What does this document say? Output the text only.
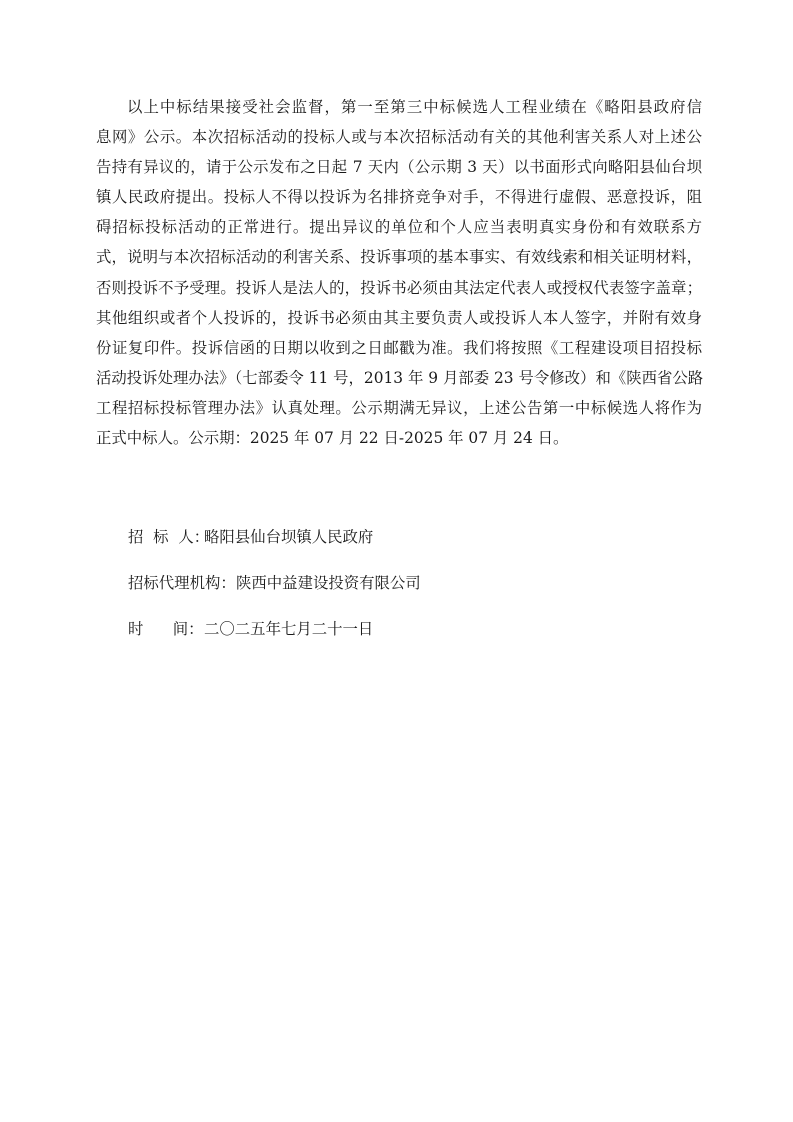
以上中标结果接受社会监督，第一至第三中标候选人工程业绩在《略阳县政府信
息网》公示。本次招标活动的投标人或与本次招标活动有关的其他利害关系人对上述公
告持有异议的，请于公示发布之日起 7 天内（公示期 3 天）以书面形式向略阳县仙台坝
镇人民政府提出。投标人不得以投诉为名排挤竞争对手，不得进行虚假、恶意投诉，阻
碍招标投标活动的正常进行。提出异议的单位和个人应当表明真实身份和有效联系方
式，说明与本次招标活动的利害关系、投诉事项的基本事实、有效线索和相关证明材料，
否则投诉不予受理。投诉人是法人的，投诉书必须由其法定代表人或授权代表签字盖章；
其他组织或者个人投诉的，投诉书必须由其主要负责人或投诉人本人签字，并附有效身
份证复印件。投诉信函的日期以收到之日邮戳为准。我们将按照《工程建设项目招投标
活动投诉处理办法》（七部委令 11 号，2013 年 9 月部委 23 号令修改）和《陕西省公路
工程招标投标管理办法》认真处理。公示期满无异议，上述公告第一中标候选人将作为
正式中标人。公示期：2025 年 07 月 22 日-2025 年 07 月 24 日。
招  标  人：略阳县仙台坝镇人民政府
招标代理机构：陕西中益建设投资有限公司
时      间：二〇二五年七月二十一日
